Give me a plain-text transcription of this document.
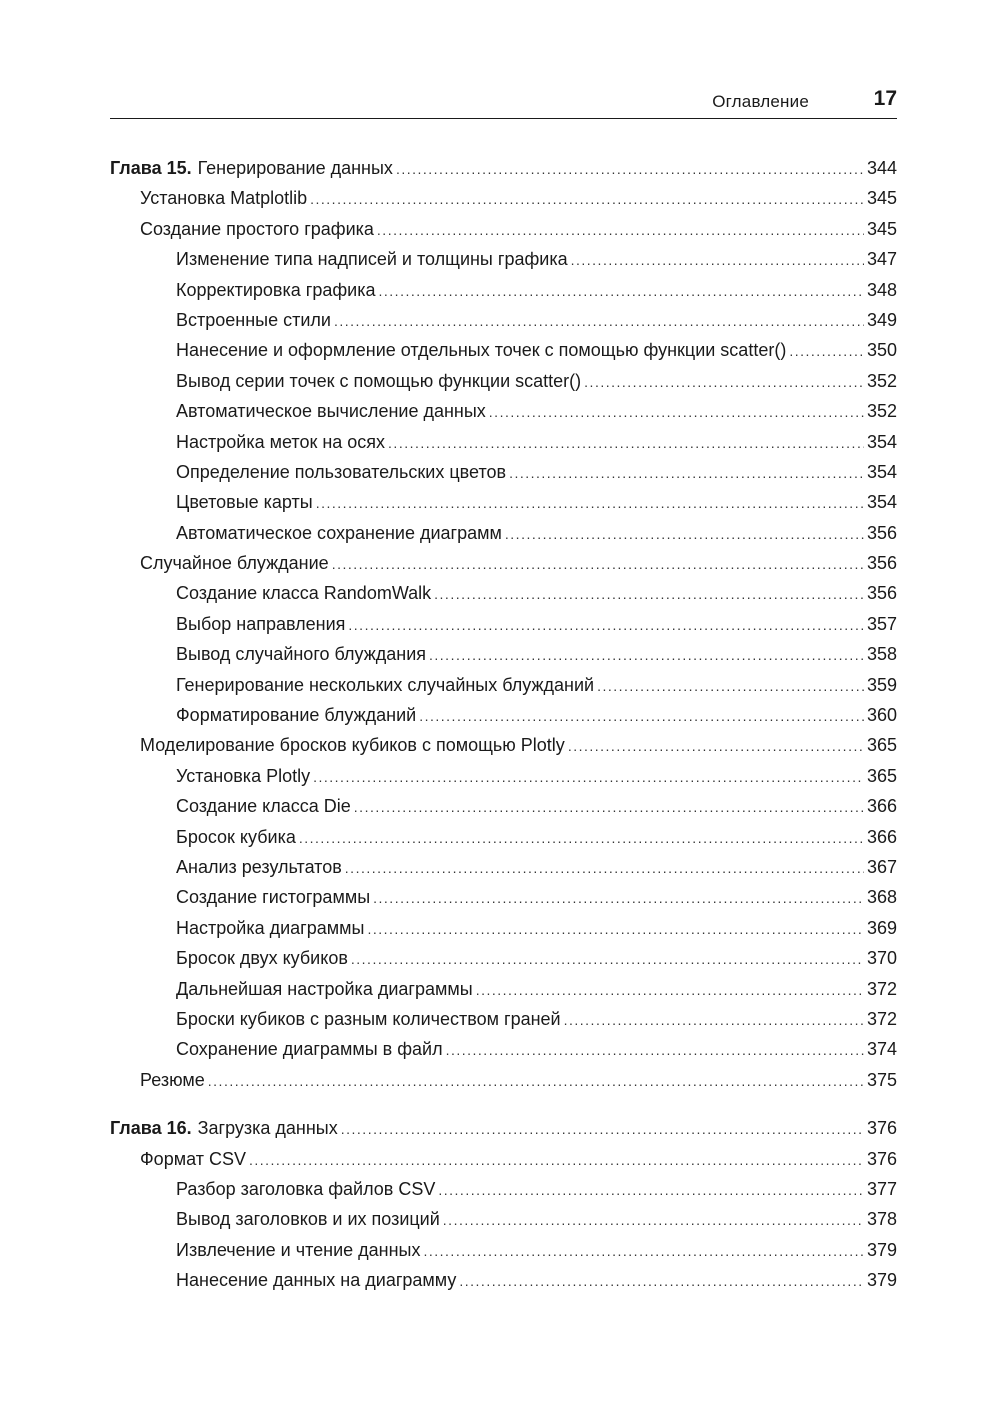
Оглавление	17
Глава 15. Генерирование данных .....	344
Установка Matplotlib .....	345
Создание простого графика .....	345
Изменение типа надписей и толщины графика .....	347
Корректировка графика .....	348
Встроенные стили .....	349
Нанесение и оформление отдельных точек с помощью функции scatter() .....	350
Вывод серии точек с помощью функции scatter() .....	352
Автоматическое вычисление данных .....	352
Настройка меток на осях .....	354
Определение пользовательских цветов .....	354
Цветовые карты .....	354
Автоматическое сохранение диаграмм .....	356
Случайное блуждание .....	356
Создание класса RandomWalk .....	356
Выбор направления .....	357
Вывод случайного блуждания .....	358
Генерирование нескольких случайных блужданий .....	359
Форматирование блужданий .....	360
Моделирование бросков кубиков с помощью Plotly .....	365
Установка Plotly .....	365
Создание класса Die .....	366
Бросок кубика .....	366
Анализ результатов .....	367
Создание гистограммы .....	368
Настройка диаграммы .....	369
Бросок двух кубиков .....	370
Дальнейшая настройка диаграммы .....	372
Броски кубиков с разным количеством граней .....	372
Сохранение диаграммы в файл .....	374
Резюме .....	375
Глава 16. Загрузка данных .....	376
Формат CSV .....	376
Разбор заголовка файлов CSV .....	377
Вывод заголовков и их позиций .....	378
Извлечение и чтение данных .....	379
Нанесение данных на диаграмму .....	379
